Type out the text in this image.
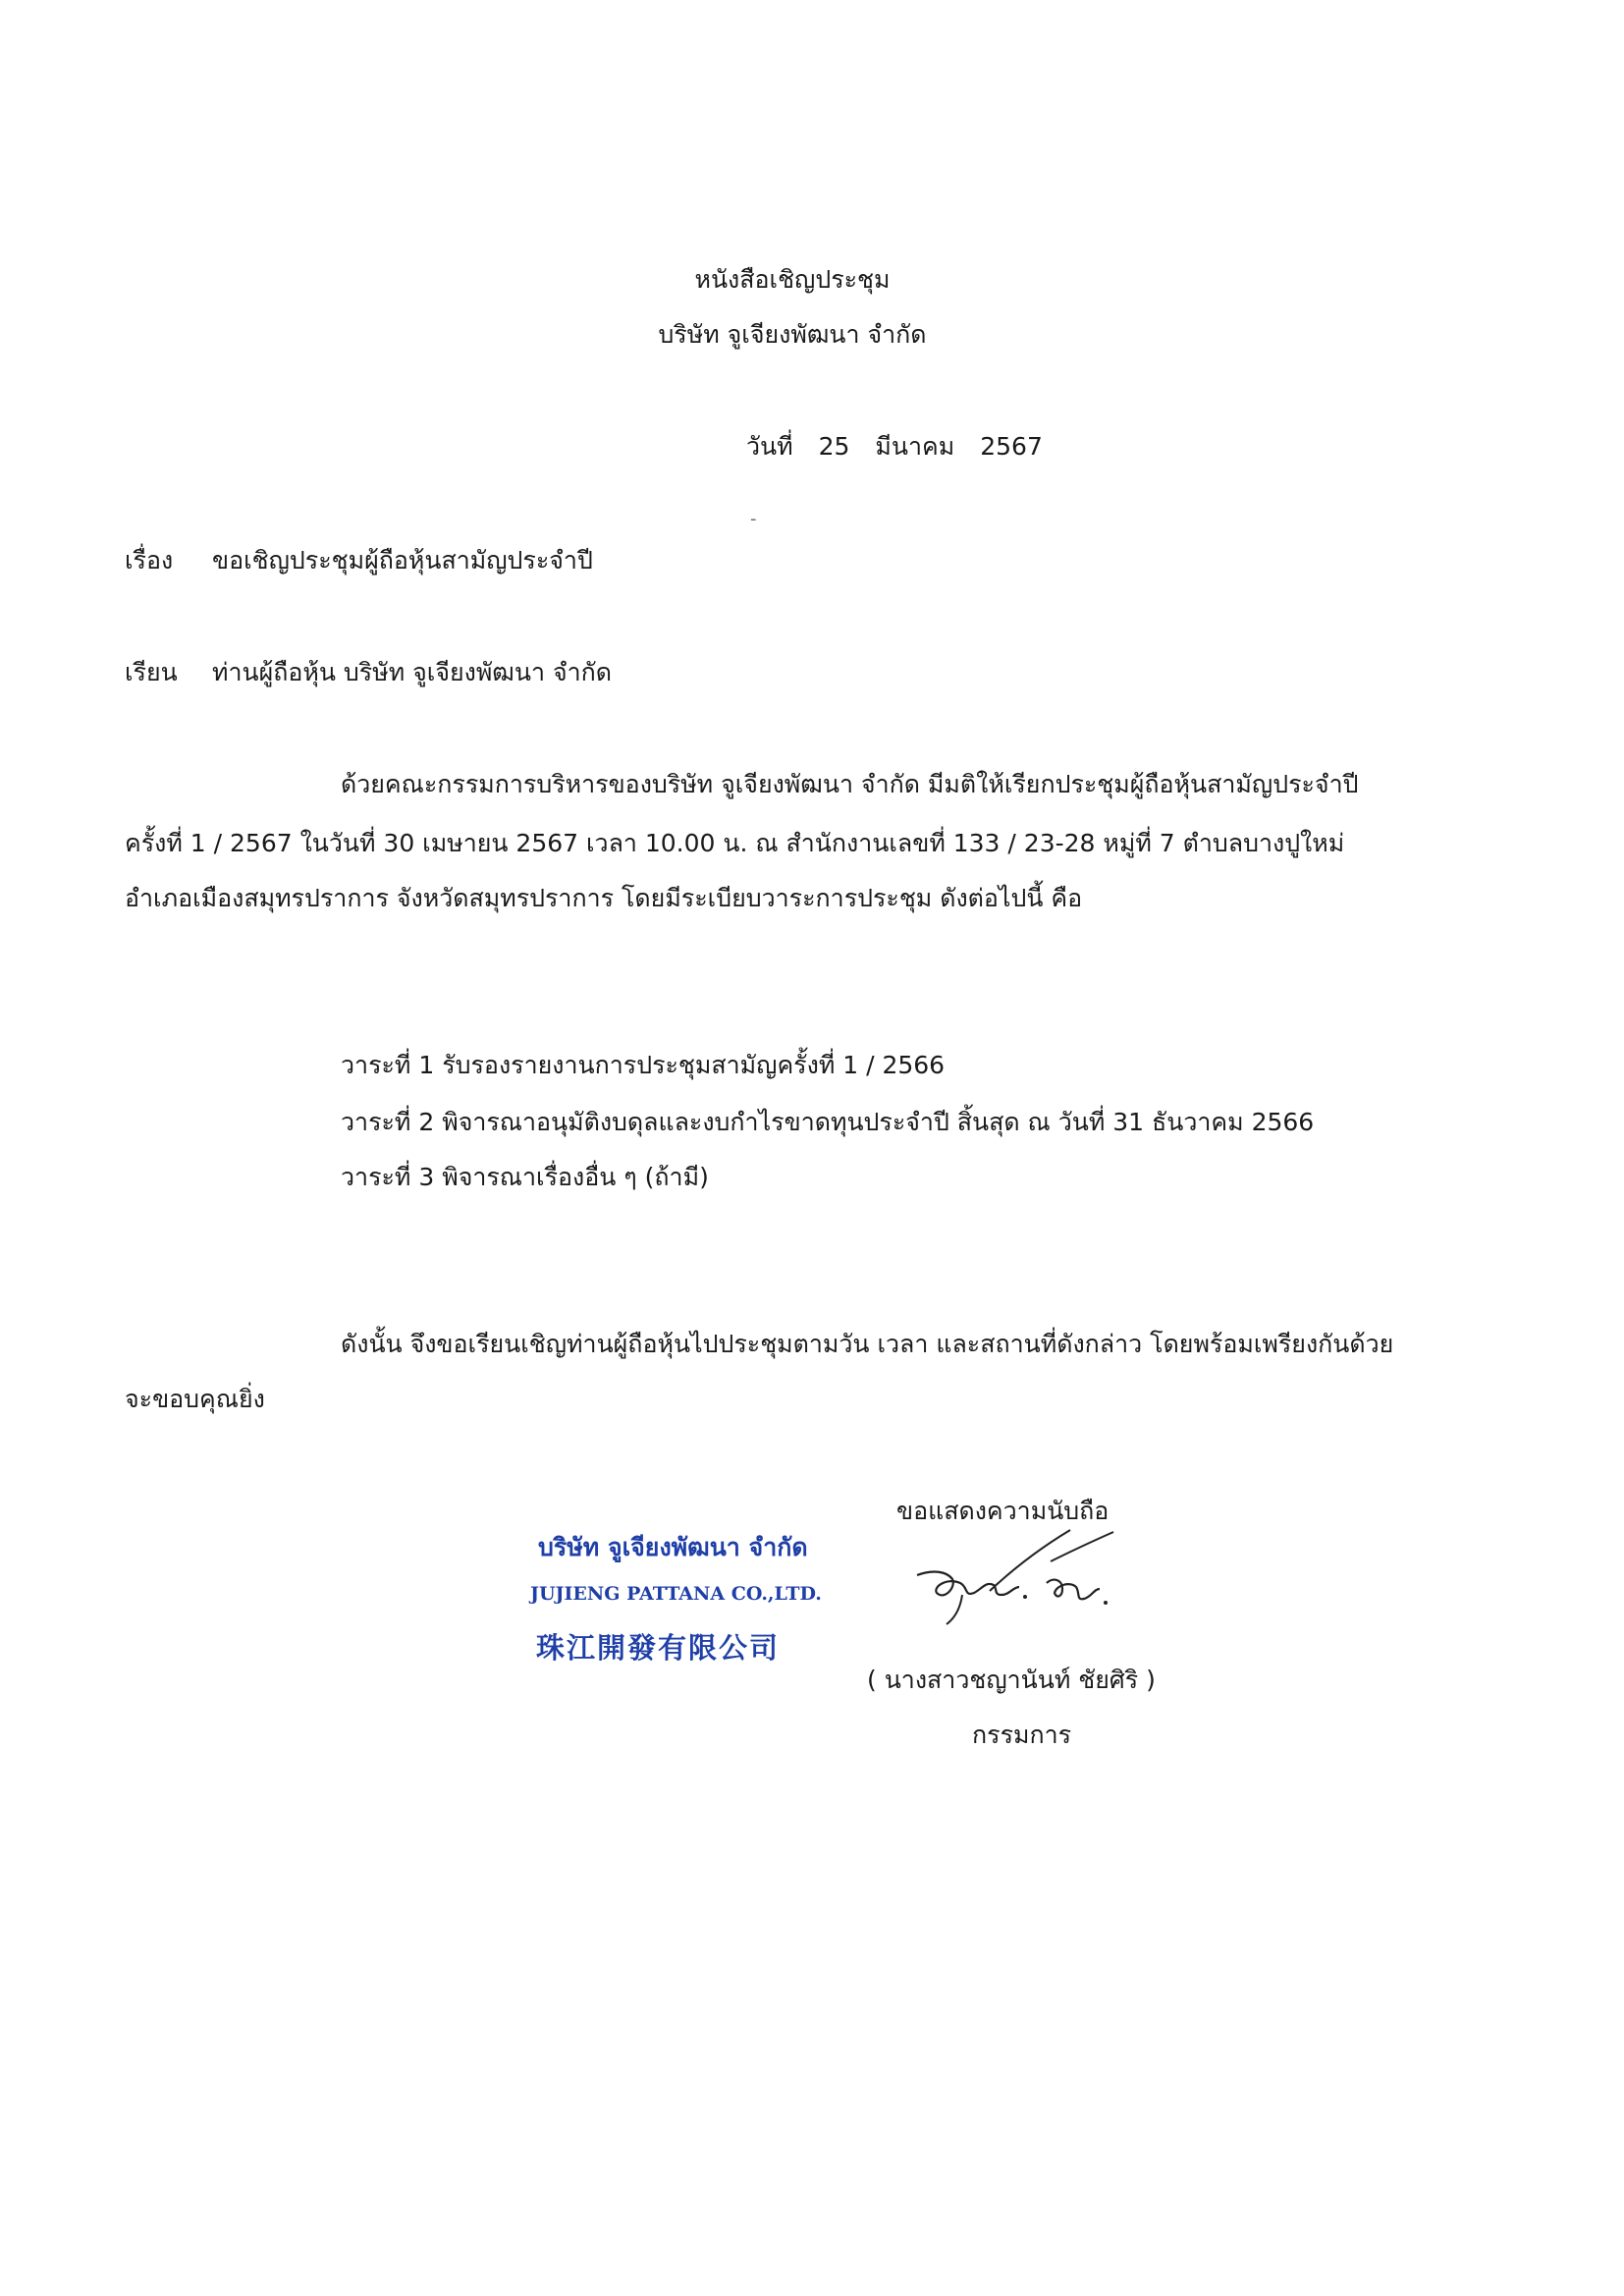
หนังสือเชิญประชุม
บริษัท จูเจียงพัฒนา จำกัด
วันที่ 25 มีนาคม 2567
-
เรื่อง ขอเชิญประชุมผู้ถือหุ้นสามัญประจำปี
เรียน ท่านผู้ถือหุ้น บริษัท จูเจียงพัฒนา จำกัด
ด้วยคณะกรรมการบริหารของบริษัท จูเจียงพัฒนา จำกัด มีมติให้เรียกประชุมผู้ถือหุ้นสามัญประจำปี
ครั้งที่ 1 / 2567 ในวันที่ 30 เมษายน 2567 เวลา 10.00 น. ณ สำนักงานเลขที่ 133 / 23-28 หมู่ที่ 7 ตำบลบางปูใหม่
อำเภอเมืองสมุทรปราการ จังหวัดสมุทรปราการ โดยมีระเบียบวาระการประชุม ดังต่อไปนี้ คือ
วาระที่ 1 รับรองรายงานการประชุมสามัญครั้งที่ 1 / 2566
วาระที่ 2 พิจารณาอนุมัติงบดุลและงบกำไรขาดทุนประจำปี สิ้นสุด ณ วันที่ 31 ธันวาคม 2566
วาระที่ 3 พิจารณาเรื่องอื่น ๆ (ถ้ามี)
ดังนั้น จึงขอเรียนเชิญท่านผู้ถือหุ้นไปประชุมตามวัน เวลา และสถานที่ดังกล่าว โดยพร้อมเพรียงกันด้วย
จะขอบคุณยิ่ง
ขอแสดงความนับถือ
บริษัท จูเจียงพัฒนา จำกัด
JUJIENG PATTANA CO.,LTD.
珠江開發有限公司
( นางสาวชญานันท์ ชัยศิริ )
กรรมการ
